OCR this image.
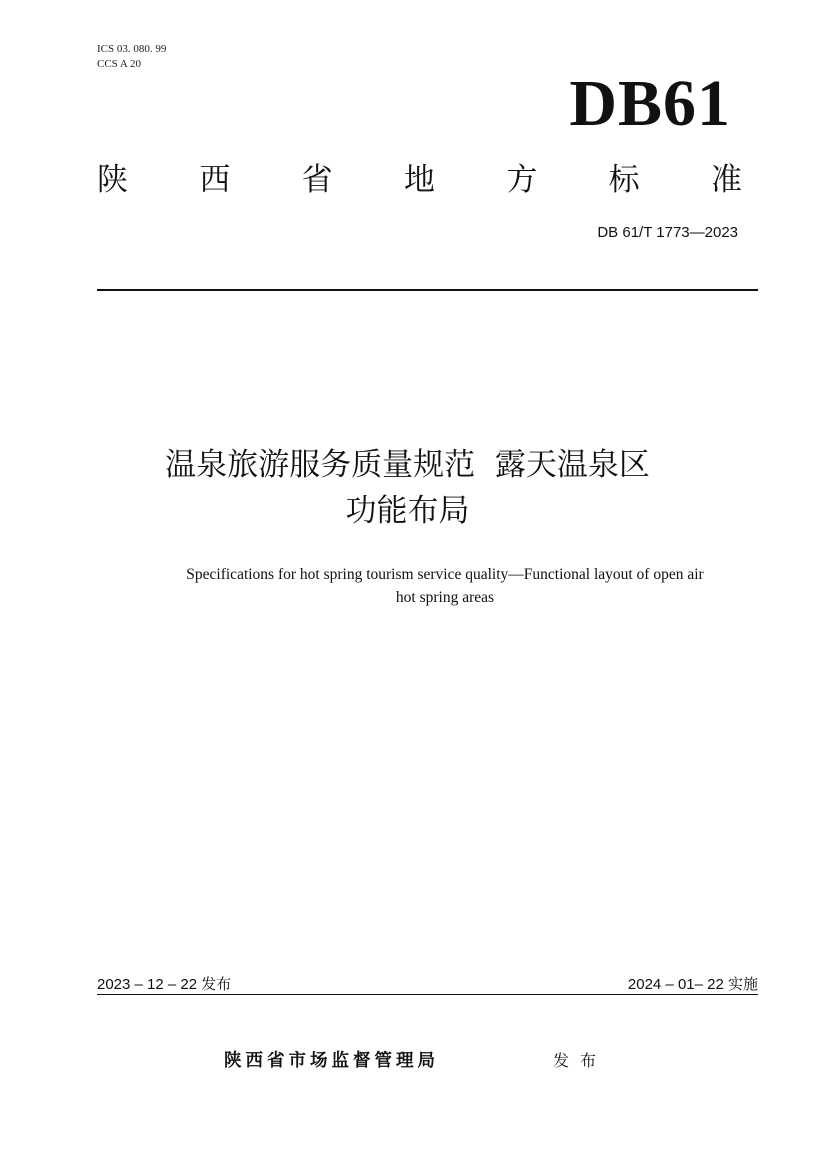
ICS 03. 080. 99
CCS A 20
DB61
陕 西 省 地 方 标 准
DB 61/T 1773—2023
温泉旅游服务质量规范  露天温泉区
功能布局
Specifications for hot spring tourism service quality—Functional layout of open air
hot spring areas
2023 – 12 – 22 发布	2024 – 01– 22 实施
陕西省市场监督管理局	发布
